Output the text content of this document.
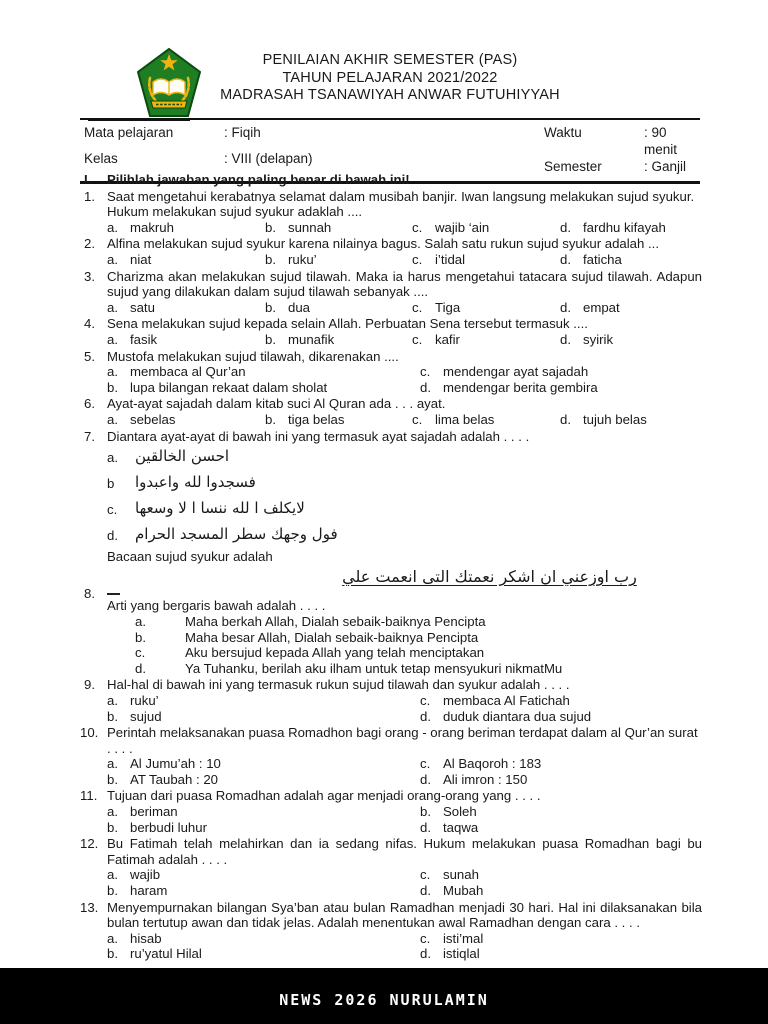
PENILAIAN AKHIR SEMESTER (PAS)
TAHUN PELAJARAN 2021/2022
MADRASAH TSANAWIYAH ANWAR FUTUHIYYAH
Mata pelajaran	: Fiqih
Kelas	: VIII (delapan)
Waktu	: 90 menit
Semester	: Ganjil
I.	Pilihlah jawaban yang paling benar di bawah ini!
1. Saat mengetahui kerabatnya selamat dalam musibah banjir. Iwan langsung melakukan sujud syukur. Hukum melakukan sujud syukur adaklah ....

a. makruh	b. sunnah	c. wajib ‘ain	d. fardhu kifayah
2. Alfina melakukan sujud syukur karena nilainya bagus. Salah satu rukun sujud syukur adalah ...

a. niat	b. ruku’	c. i’tidal	d. faticha
3. Charizma akan melakukan sujud tilawah. Maka ia harus mengetahui tatacara sujud tilawah. Adapun sujud yang dilakukan dalam sujud tilawah sebanyak ....

a. satu	b. dua	c. Tiga	d. empat
4. Sena melakukan sujud kepada selain Allah. Perbuatan Sena tersebut termasuk ....

a. fasik	b. munafik	c. kafir	d. syirik
5. Mustofa melakukan sujud tilawah, dikarenakan ....

a. membaca al Qur’an	c. mendengar ayat sajadah
b. lupa bilangan rekaat dalam sholat	d. mendengar berita gembira
6. Ayat-ayat sajadah dalam kitab suci Al Quran ada . . . ayat.

a. sebelas	b. tiga belas	c. lima belas	d. tujuh belas
7. Diantara ayat-ayat di bawah ini yang termasuk ayat sajadah adalah . . . .

a. احسن الخالقين
b فسجدوا لله واعبدوا
c. لايكلف ا لله ننسا ا لا وسعها
d. فول وجهك سطر المسجد الحرام
Bacaan sujud syukur adalah
رب اوزعني ان اشكر نعمتك التى انعمت علي
8.

Arti yang bergaris bawah adalah . . . .

a.	Maha berkah Allah, Dialah sebaik-baiknya Pencipta
b.	Maha besar Allah, Dialah sebaik-baiknya Pencipta
c.	Aku bersujud kepada Allah yang telah menciptakan
d.	Ya Tuhanku, berilah aku ilham untuk tetap mensyukuri nikmatMu
9. Hal-hal di bawah ini yang termasuk rukun sujud tilawah dan syukur adalah . . . .

a. ruku’	c. membaca Al Fatichah
b. sujud	d. duduk diantara dua sujud
10. Perintah melaksanakan puasa Romadhon bagi orang - orang beriman terdapat dalam al Qur’an surat . . . .

a. Al Jumu’ah : 10	c. Al Baqoroh : 183
b. AT Taubah : 20	d. Ali imron : 150
11. Tujuan dari puasa Romadhan adalah agar menjadi orang-orang yang . . . .

a. beriman	b. Soleh
b. berbudi luhur	d. taqwa
12. Bu Fatimah telah melahirkan dan ia sedang nifas. Hukum melakukan puasa Romadhan bagi bu Fatimah adalah . . . .

a. wajib	c. sunah
b. haram	d. Mubah
13. Menyempurnakan bilangan Sya’ban atau bulan Ramadhan menjadi 30 hari. Hal ini dilaksanakan bila bulan tertutup awan dan tidak jelas. Adalah menentukan awal Ramadhan dengan cara . . . .

a. hisab	c. isti’mal
b. ru’yatul Hilal	d. istiqlal
NEWS 2026 NURULAMIN
